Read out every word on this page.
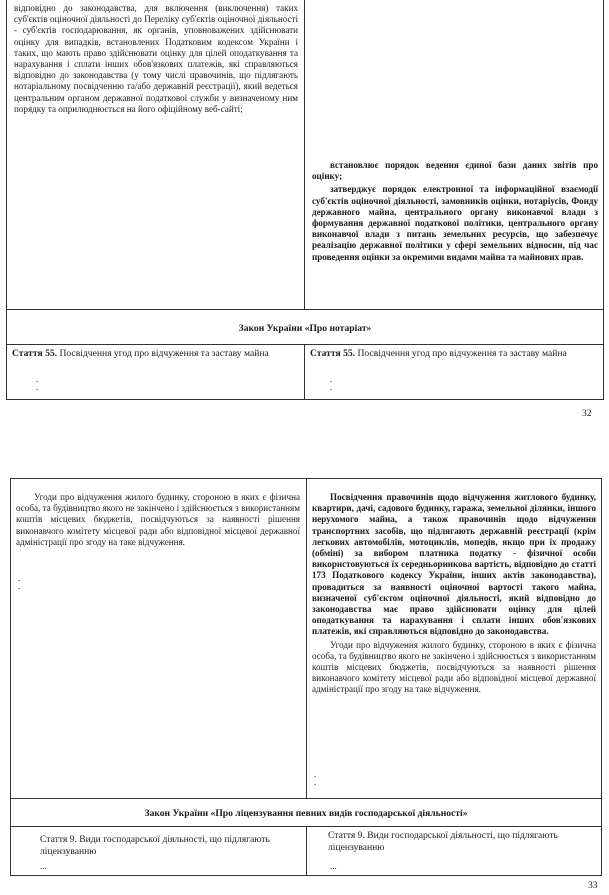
відповідно до законодавства, для включення (виключення) таких суб'єктів оціночної діяльності до Переліку суб'єктів оціночної діяльності - суб'єктів господарювання, як органів, уповноважених здійснювати оцінку для випадків, встановлених Податковим кодексом України і таких, що мають право здійснювати оцінку для цілей оподаткування та нарахування і сплати інших обов'язкових платежів, які справляються відповідно до законодавства (у тому числі правочинів, що підлягають нотаріальному посвідченню та/або державній реєстрації), який ведеться центральним органом державної податкової служби у визначеному ним порядку та оприлюднюється на його офіційному веб-сайті;

встановлює порядок ведення єдиної бази даних звітів про оцінку;

затверджує порядок електронної та інформаційної взаємодії суб'єктів оціночної діяльності, замовників оцінки, нотаріусів, Фонду державного майна, центрального органу виконавчої влади з формування державної податкової політики, центрального органу виконавчої влади з питань земельних ресурсів, що забезпечує реалізацію державної політики у сфері земельних відносин, під час проведення оцінки за окремими видами майна та майнових прав.

Закон України «Про нотаріат»

Стаття 55. Посвідчення угод про відчуження та заставу майна	Стаття 55. Посвідчення угод про відчуження та заставу майна

.
.
.
.
32

Угоди про відчуження жилого будинку, стороною в яких є фізична особа, та будівництво якого не закінчено і здійснюється з використанням коштів місцевих бюджетів, посвідчуються за наявності рішення виконавчого комітету місцевої ради або відповідної місцевої державної адміністрації про згоду на таке відчуження.

.
.

Посвідчення правочинів щодо відчуження житлового будинку, квартири, дачі, садового будинку, гаража, земельної ділянки, іншого нерухомого майна, а також правочинів щодо відчуження транспортних засобів, що підлягають державній реєстрації (крім легкових автомобілів, мотоциклів, мопедів, якщо при їх продажу (обміні) за вибором платника податку - фізичної особи використовуються їх середньоринкова вартість, відповідно до статті 173 Податкового кодексу України, інших актів законодавства), провадиться за наявності оціночної вартості такого майна, визначеної суб'єктом оціночної діяльності, який відповідно до законодавства має право здійснювати оцінку для цілей оподаткування та нарахування і сплати інших обов'язкових платежів, які справляються відповідно до законодавства.

Угоди про відчуження жилого будинку, стороною в яких є фізична особа, та будівництво якого не закінчено і здійснюється з використанням коштів місцевих бюджетів, посвідчуються за наявності рішення виконавчого комітету місцевої ради або відповідної місцевої державної адміністрації про згоду на таке відчуження.

.
.
Закон України «Про ліцензування певних видів господарської діяльності»

Стаття 9. Види господарської діяльності, що підлягають ліцензуванню

Стаття 9. Види господарської діяльності, що підлягають ліцензуванню

...	...
33
